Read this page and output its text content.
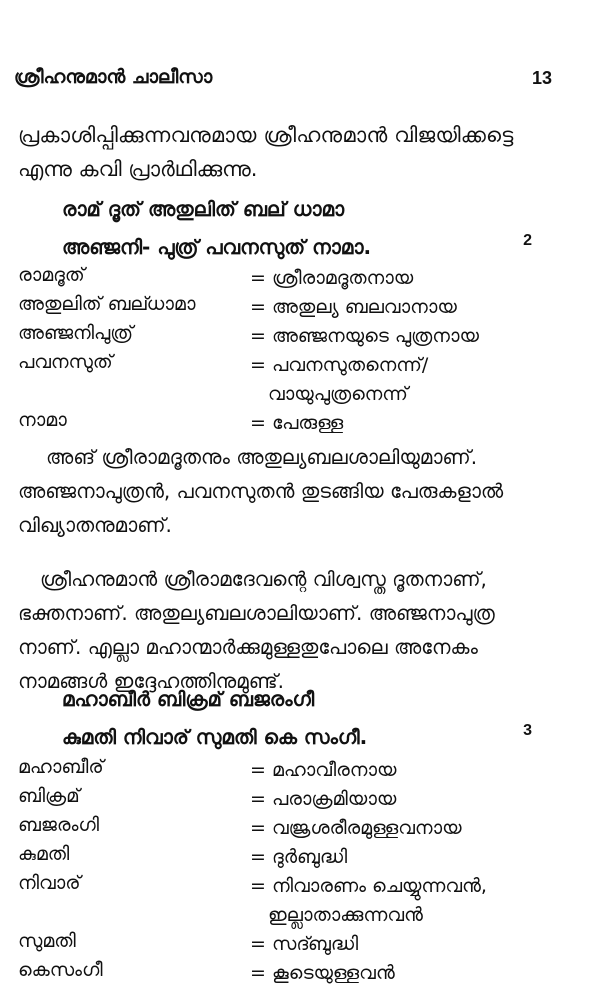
ശ്രീഹനുമാൻ ചാലീസാ	13
പ്രകാശിപ്പിക്കുന്നവനുമായ ശ്രീഹനുമാൻ വിജയിക്കട്ടെ
എന്നു കവി പ്രാർഥിക്കുന്നു.
രാമ് ദൂത് അതുലിത് ബല് ധാമാ
അഞ്ജനി- പുത്ര് പവനസുത് നാമാ.	2
രാമദൂത്	= ശ്രീരാമദൂതനായ
അതുലിത് ബല്ധാമാ	= അതുല്യ ബലവാനായ
അഞ്ജനിപുത്ര്	= അഞ്ജനയുടെ പുത്രനായ
പവനസുത്	= പവനസുതനെന്ന്/
വായുപുത്രനെന്ന്
നാമാ	= പേരുള്ള
അങ് ശ്രീരാമദൂതനും അതുല്യബലശാലിയുമാണ്.
അഞ്ജനാപുത്രൻ, പവനസുതൻ തുടങ്ങിയ പേരുകളാൽ
വിഖ്യാതനുമാണ്.
ശ്രീഹനുമാൻ ശ്രീരാമദേവന്റെ വിശ്വസ്ത ദൂതനാണ്,
ഭക്തനാണ്. അതുല്യബലശാലിയാണ്. അഞ്ജനാപുത്ര
നാണ്. എല്ലാ മഹാന്മാർക്കുമുള്ളതുപോലെ അനേകം
നാമങ്ങൾ ഇദ്ദേഹത്തിനുമുണ്ട്.
മഹാബീർ ബിക്രമ് ബജരംഗീ
കുമതി നിവാര് സുമതി കെ സംഗീ.	3
മഹാബീര്	= മഹാവീരനായ
ബിക്രമ്	= പരാക്രമിയായ
ബജരംഗി	= വജ്രശരീരമുള്ളവനായ
കുമതി	= ദുർബുദ്ധി
നിവാര്	= നിവാരണം ചെയ്യുന്നവൻ,
ഇല്ലാതാക്കുന്നവൻ
സുമതി	= സദ്ബുദ്ധി
കെസംഗീ	= കൂടെയുള്ളവൻ
